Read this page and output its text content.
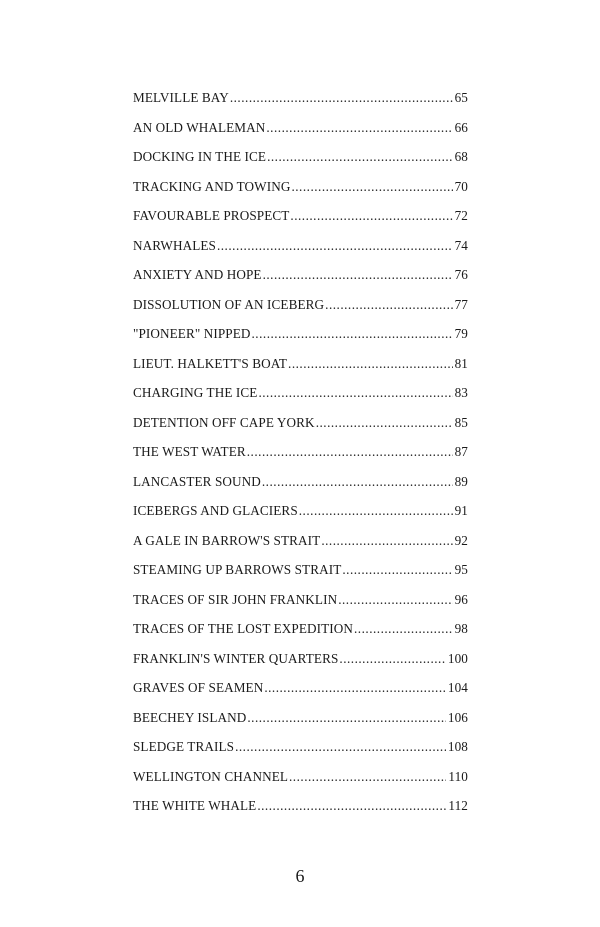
MELVILLE BAY . . .	65
AN OLD WHALEMAN . . .	66
DOCKING IN THE ICE . . .	68
TRACKING AND TOWING . . .	70
FAVOURABLE PROSPECT . . .	72
NARWHALES . . .	74
ANXIETY AND HOPE . . .	76
DISSOLUTION OF AN ICEBERG . . .	77
"PIONEER" NIPPED . . .	79
LIEUT. HALKETT'S BOAT . . .	81
CHARGING THE ICE . . .	83
DETENTION OFF CAPE YORK . . .	85
THE WEST WATER . . .	87
LANCASTER SOUND . . .	89
ICEBERGS AND GLACIERS . . .	91
A GALE IN BARROW'S STRAIT . . .	92
STEAMING UP BARROWS STRAIT . . .	95
TRACES OF SIR JOHN FRANKLIN . . .	96
TRACES OF THE LOST EXPEDITION . . .	98
FRANKLIN'S WINTER QUARTERS . . .	100
GRAVES OF SEAMEN . . .	104
BEECHEY ISLAND . . .	106
SLEDGE TRAILS . . .	108
WELLINGTON CHANNEL . . .	110
THE WHITE WHALE . . .	112
6
